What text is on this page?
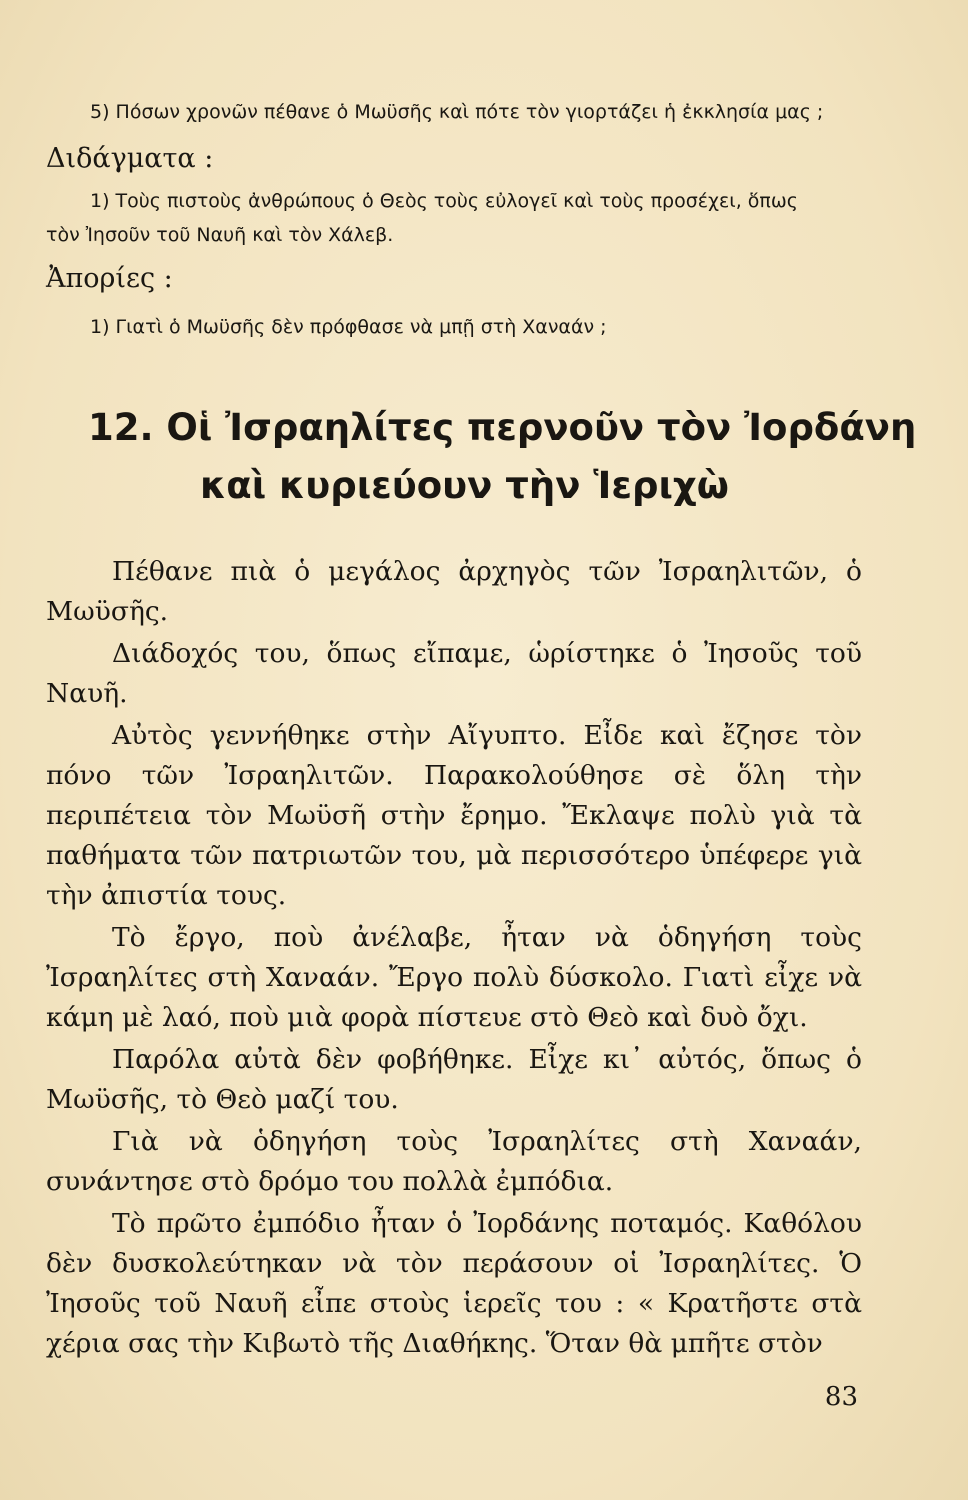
5) Πόσων χρονῶν πέθανε ὁ Μωϋσῆς καὶ πότε τὸν γιορτάζει ἡ ἐκκλησία μας ;
Διδάγματα :
1) Τοὺς πιστοὺς ἀνθρώπους ὁ Θεὸς τοὺς εὐλογεῖ καὶ τοὺς προσέχει, ὅπως
τὸν Ἰησοῦν τοῦ Ναυῆ καὶ τὸν Χάλεβ.
Ἀπορίες :
1) Γιατὶ ὁ Μωϋσῆς δὲν πρόφθασε νὰ μπῇ στὴ Χαναάν ;
12. Οἱ Ἰσραηλίτες περνοῦν τὸν Ἰορδάνη
καὶ κυριεύουν τὴν Ἱεριχὼ

Πέθανε πιὰ ὁ μεγάλος ἀρχηγὸς τῶν Ἰσραηλιτῶν, ὁ Μωϋσῆς.

Διάδοχός του, ὅπως εἴπαμε, ὡρίστηκε ὁ Ἰησοῦς τοῦ Ναυῆ.

Αὐτὸς γεννήθηκε στὴν Αἴγυπτο. Εἶδε καὶ ἔζησε τὸν πόνο τῶν Ἰσραηλιτῶν. Παρακολούθησε σὲ ὅλη τὴν περιπέτεια τὸν Μωϋσῆ στὴν ἔρημο. Ἔκλαψε πολὺ γιὰ τὰ παθήματα τῶν πατριωτῶν του, μὰ περισσότερο ὑπέφερε γιὰ τὴν ἀπιστία τους.

Τὸ ἔργο, ποὺ ἀνέλαβε, ἦταν νὰ ὁδηγήση τοὺς Ἰσραηλίτες στὴ Χαναάν. Ἔργο πολὺ δύσκολο. Γιατὶ εἶχε νὰ κάμη μὲ λαό, ποὺ μιὰ φορὰ πίστευε στὸ Θεὸ καὶ δυὸ ὄχι.

Παρόλα αὐτὰ δὲν φοβήθηκε. Εἶχε κι᾿ αὐτός, ὅπως ὁ Μωϋσῆς, τὸ Θεὸ μαζί του.

Γιὰ νὰ ὁδηγήση τοὺς Ἰσραηλίτες στὴ Χαναάν, συνάντησε στὸ δρόμο του πολλὰ ἐμπόδια.

Τὸ πρῶτο ἐμπόδιο ἦταν ὁ Ἰορδάνης ποταμός. Καθόλου δὲν δυσκολεύτηκαν νὰ τὸν περάσουν οἱ Ἰσραηλίτες. Ὁ Ἰησοῦς τοῦ Ναυῆ εἶπε στοὺς ἱερεῖς του : « Κρατῆστε στὰ χέρια σας τὴν Κιβωτὸ τῆς Διαθήκης. Ὅταν θὰ μπῆτε στὸν

83
